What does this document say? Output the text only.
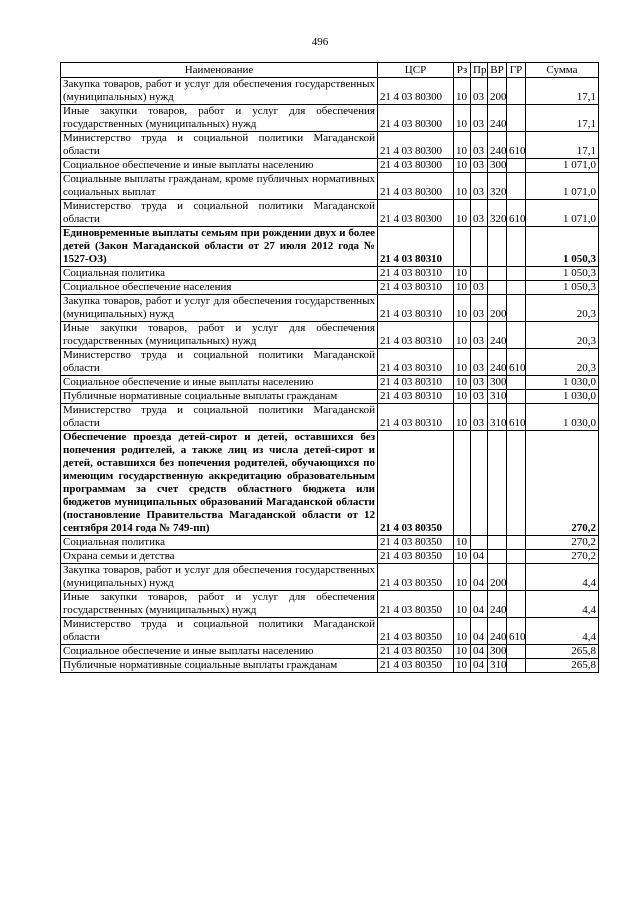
496
Наименование	ЦСР	Рз	Пр	ВР	ГР	Сумма
Закупка товаров, работ и услуг для обеспечения государственных (муниципальных) нужд	21 4 03 80300	10	03	200		17,1
Иные закупки товаров, работ и услуг для обеспечения государственных (муниципальных) нужд	21 4 03 80300	10	03	240		17,1
Министерство труда и социальной политики Магаданской области	21 4 03 80300	10	03	240	610	17,1
Социальное обеспечение и иные выплаты населению	21 4 03 80300	10	03	300		1 071,0
Социальные выплаты гражданам, кроме публичных нормативных социальных выплат	21 4 03 80300	10	03	320		1 071,0
Министерство труда и социальной политики Магаданской области	21 4 03 80300	10	03	320	610	1 071,0
Единовременные выплаты семьям при рождении двух и более детей (Закон Магаданской области от 27 июля 2012 года № 1527-ОЗ)	21 4 03 80310					1 050,3
Социальная политика	21 4 03 80310	10				1 050,3
Социальное обеспечение населения	21 4 03 80310	10	03			1 050,3
Закупка товаров, работ и услуг для обеспечения государственных (муниципальных) нужд	21 4 03 80310	10	03	200		20,3
Иные закупки товаров, работ и услуг для обеспечения государственных (муниципальных) нужд	21 4 03 80310	10	03	240		20,3
Министерство труда и социальной политики Магаданской области	21 4 03 80310	10	03	240	610	20,3
Социальное обеспечение и иные выплаты населению	21 4 03 80310	10	03	300		1 030,0
Публичные нормативные социальные выплаты гражданам	21 4 03 80310	10	03	310		1 030,0
Министерство труда и социальной политики Магаданской области	21 4 03 80310	10	03	310	610	1 030,0
Обеспечение проезда детей-сирот и детей, оставшихся без попечения родителей, а также лиц из числа детей-сирот и детей, оставшихся без попечения родителей, обучающихся по имеющим государственную аккредитацию образовательным программам за счет средств областного бюджета или бюджетов муниципальных образований Магаданской области (постановление Правительства Магаданской области от 12 сентября 2014 года № 749-пп)	21 4 03 80350					270,2
Социальная политика	21 4 03 80350	10				270,2
Охрана семьи и детства	21 4 03 80350	10	04			270,2
Закупка товаров, работ и услуг для обеспечения государственных (муниципальных) нужд	21 4 03 80350	10	04	200		4,4
Иные закупки товаров, работ и услуг для обеспечения государственных (муниципальных) нужд	21 4 03 80350	10	04	240		4,4
Министерство труда и социальной политики Магаданской области	21 4 03 80350	10	04	240	610	4,4
Социальное обеспечение и иные выплаты населению	21 4 03 80350	10	04	300		265,8
Публичные нормативные социальные выплаты гражданам	21 4 03 80350	10	04	310		265,8
